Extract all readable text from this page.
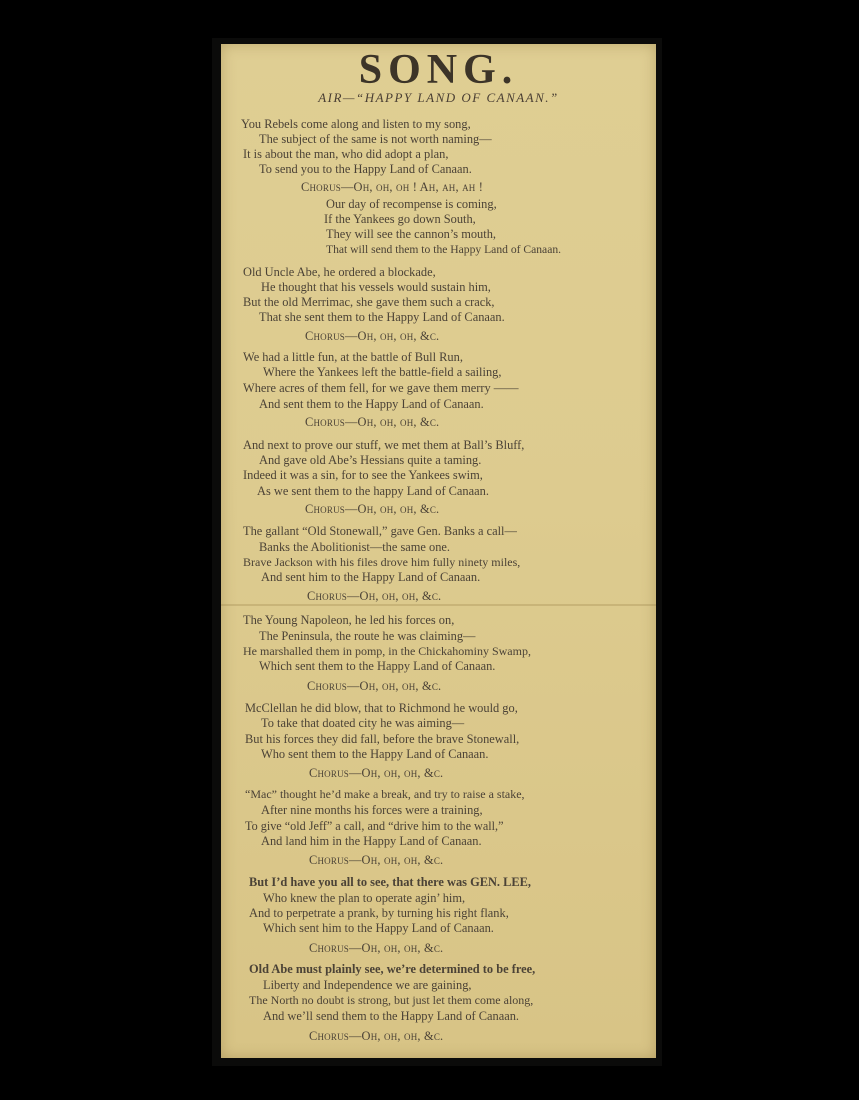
SONG.
AIR—“HAPPY LAND OF CANAAN.”
You Rebels come along and listen to my song,
The subject of the same is not worth naming—
It is about the man, who did adopt a plan,
To send you to the Happy Land of Canaan.
Chorus—Oh, oh, oh ! Ah, ah, ah !
Our day of recompense is coming,
If the Yankees go down South,
They will see the cannon’s mouth,
That will send them to the Happy Land of Canaan.
Old Uncle Abe, he ordered a blockade,
He thought that his vessels would sustain him,
But the old Merrimac, she gave them such a crack,
That she sent them to the Happy Land of Canaan.
Chorus—Oh, oh, oh, &c.
We had a little fun, at the battle of Bull Run,
Where the Yankees left the battle-field a sailing,
Where acres of them fell, for we gave them merry ——
And sent them to the Happy Land of Canaan.
Chorus—Oh, oh, oh, &c.
And next to prove our stuff, we met them at Ball’s Bluff,
And gave old Abe’s Hessians quite a taming.
Indeed it was a sin, for to see the Yankees swim,
As we sent them to the happy Land of Canaan.
Chorus—Oh, oh, oh, &c.
The gallant “Old Stonewall,” gave Gen. Banks a call—
Banks the Abolitionist—the same one.
Brave Jackson with his files drove him fully ninety miles,
And sent him to the Happy Land of Canaan.
Chorus—Oh, oh, oh, &c.
The Young Napoleon, he led his forces on,
The Peninsula, the route he was claiming—
He marshalled them in pomp, in the Chickahominy Swamp,
Which sent them to the Happy Land of Canaan.
Chorus—Oh, oh, oh, &c.
McClellan he did blow, that to Richmond he would go,
To take that doated city he was aiming—
But his forces they did fall, before the brave Stonewall,
Who sent them to the Happy Land of Canaan.
Chorus—Oh, oh, oh, &c.
“Mac” thought he’d make a break, and try to raise a stake,
After nine months his forces were a training,
To give “old Jeff” a call, and “drive him to the wall,”
And land him in the Happy Land of Canaan.
Chorus—Oh, oh, oh, &c.
But I’d have you all to see, that there was GEN. LEE,
Who knew the plan to operate agin’ him,
And to perpetrate a prank, by turning his right flank,
Which sent him to the Happy Land of Canaan.
Chorus—Oh, oh, oh, &c.
Old Abe must plainly see, we’re determined to be free,
Liberty and Independence we are gaining,
The North no doubt is strong, but just let them come along,
And we’ll send them to the Happy Land of Canaan.
Chorus—Oh, oh, oh, &c.
